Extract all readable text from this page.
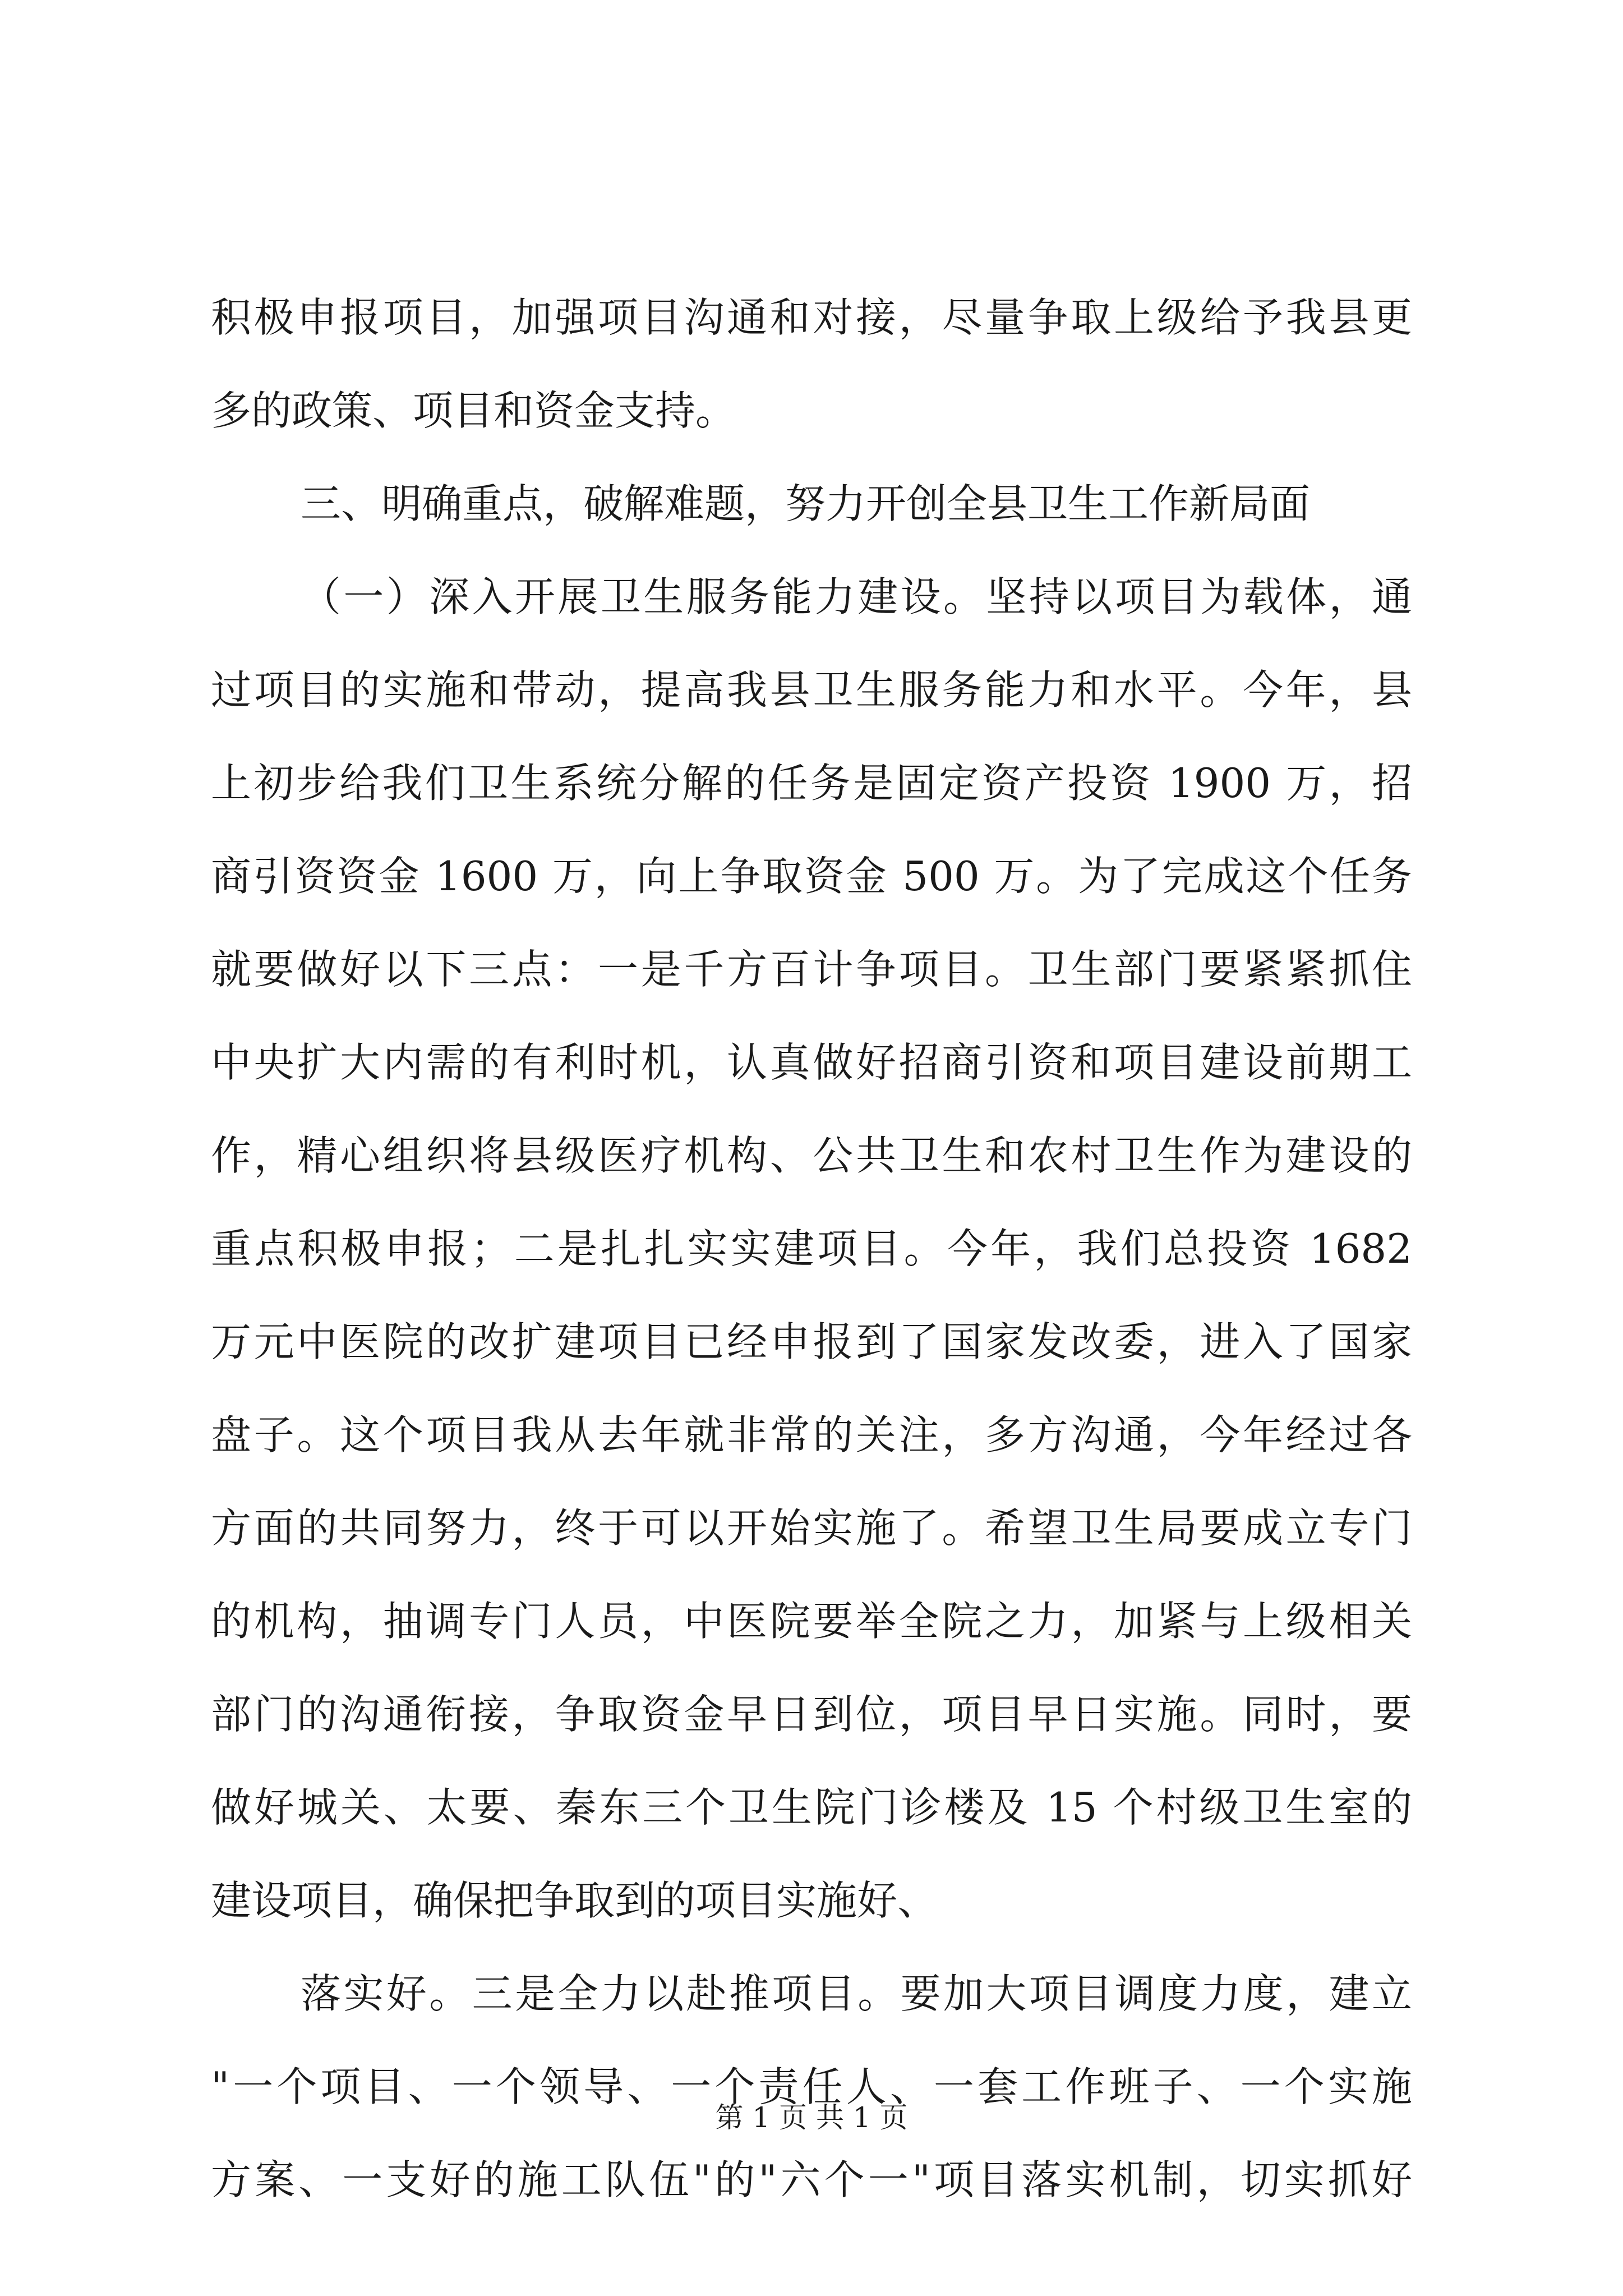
积极申报项目，加强项目沟通和对接，尽量争取上级给予我县更
多的政策、项目和资金支持。
三、明确重点，破解难题，努力开创全县卫生工作新局面
（一）深入开展卫生服务能力建设。坚持以项目为载体，通
过项目的实施和带动，提高我县卫生服务能力和水平。今年，县
上初步给我们卫生系统分解的任务是固定资产投资 1900 万，招
商引资资金 1600 万，向上争取资金 500 万。为了完成这个任务
就要做好以下三点：一是千方百计争项目。卫生部门要紧紧抓住
中央扩大内需的有利时机，认真做好招商引资和项目建设前期工
作，精心组织将县级医疗机构、公共卫生和农村卫生作为建设的
重点积极申报；二是扎扎实实建项目。今年，我们总投资 1682
万元中医院的改扩建项目已经申报到了国家发改委，进入了国家
盘子。这个项目我从去年就非常的关注，多方沟通，今年经过各
方面的共同努力，终于可以开始实施了。希望卫生局要成立专门
的机构，抽调专门人员，中医院要举全院之力，加紧与上级相关
部门的沟通衔接，争取资金早日到位，项目早日实施。同时，要
做好城关、太要、秦东三个卫生院门诊楼及 15 个村级卫生室的
建设项目，确保把争取到的项目实施好、
落实好。三是全力以赴推项目。要加大项目调度力度，建立
"一个项目、一个领导、一个责任人、一套工作班子、一个实施
方案、一支好的施工队伍"的"六个一"项目落实机制，切实抓好
第 1 页 共 1 页
